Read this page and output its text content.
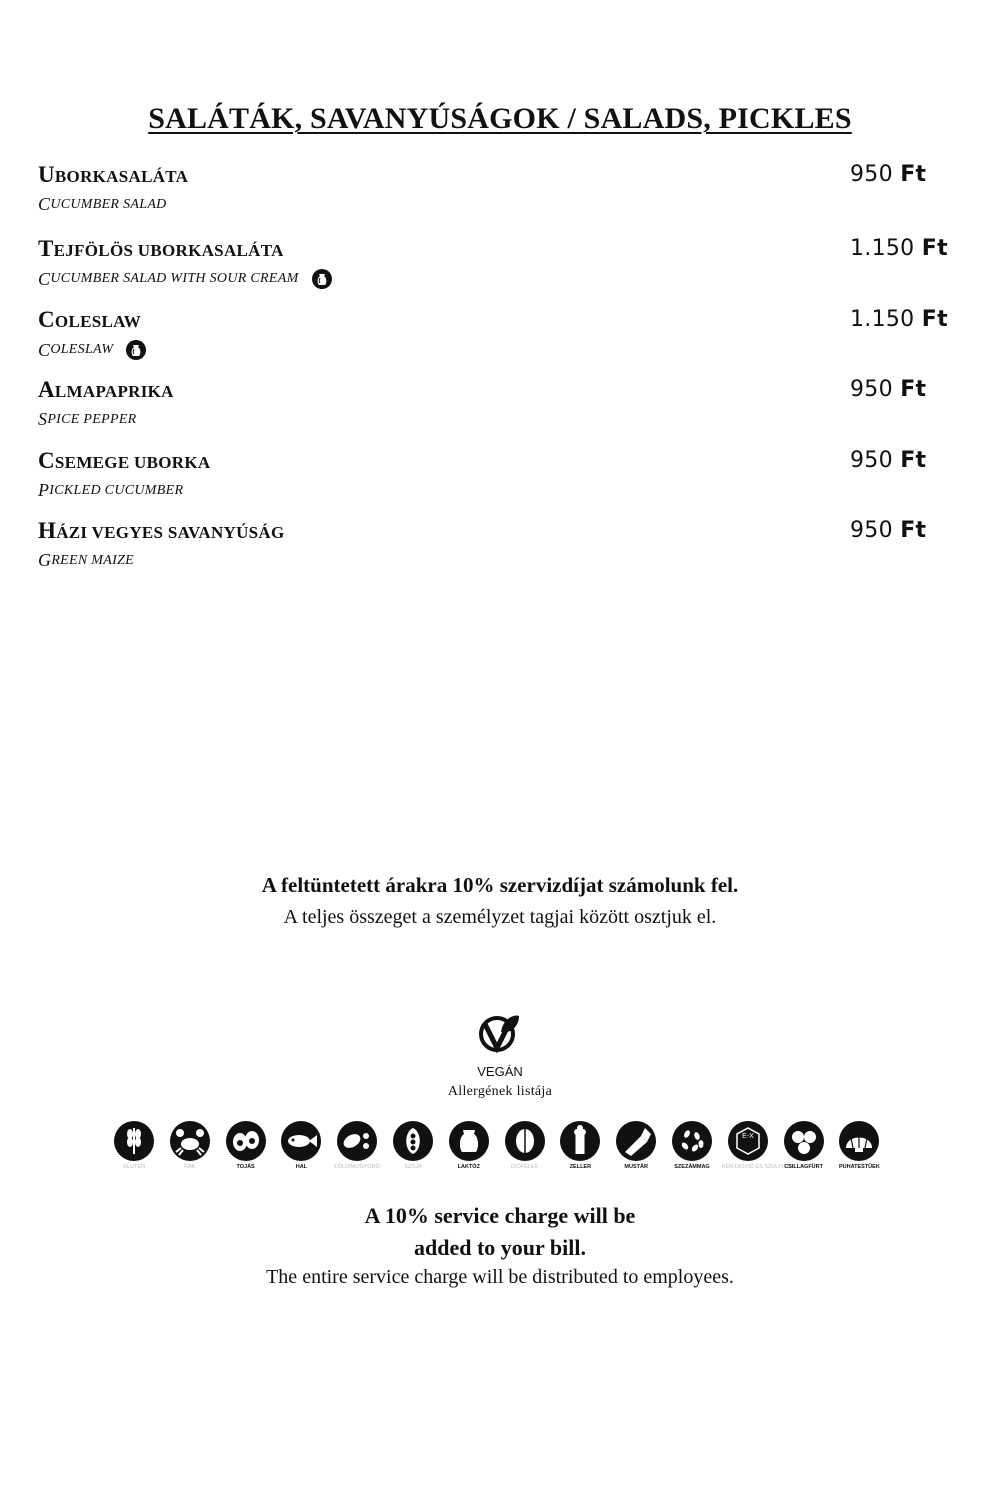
SALÁTÁK, SAVANYÚSÁGOK / SALADS, PICKLES
UBORKASALÁTA
C UCUMBER SALAD
950 Ft
TEJFÖLÖS UBORKASALÁTA
C UCUMBER SALAD WITH SOUR CREAM
1.150 Ft
COLESLAW
C OLESLAW
1.150 Ft
ALMAPAPRIKA
S PICE PEPPER
950 Ft
CSEMEGE UBORKA
P ICKLED CUCUMBER
950 Ft
HÁZI VEGYES SAVANYÚSÁG
G REEN MAIZE
950 Ft
A feltüntetett árakra 10% szervizdíjat számolunk fel.
A teljes összeget a személyzet tagjai között osztjuk el.
VEGÁN
Allergének listája
GLUTEN	RÁK	TOJÁS	HAL	FÖLDIMOGYORÓ	SZÓJA	LAKTÓZ	DIÓFÉLÉK	ZELLER	MUSTÁR	SZEZÁMMAG
E-X
KÉN-DIOXID ÉS SZULFITOK
CSILLAGFÜRT	PUHATESTŰEK
A 10% service charge will be
added to your bill.
The entire service charge will be distributed to employees.
